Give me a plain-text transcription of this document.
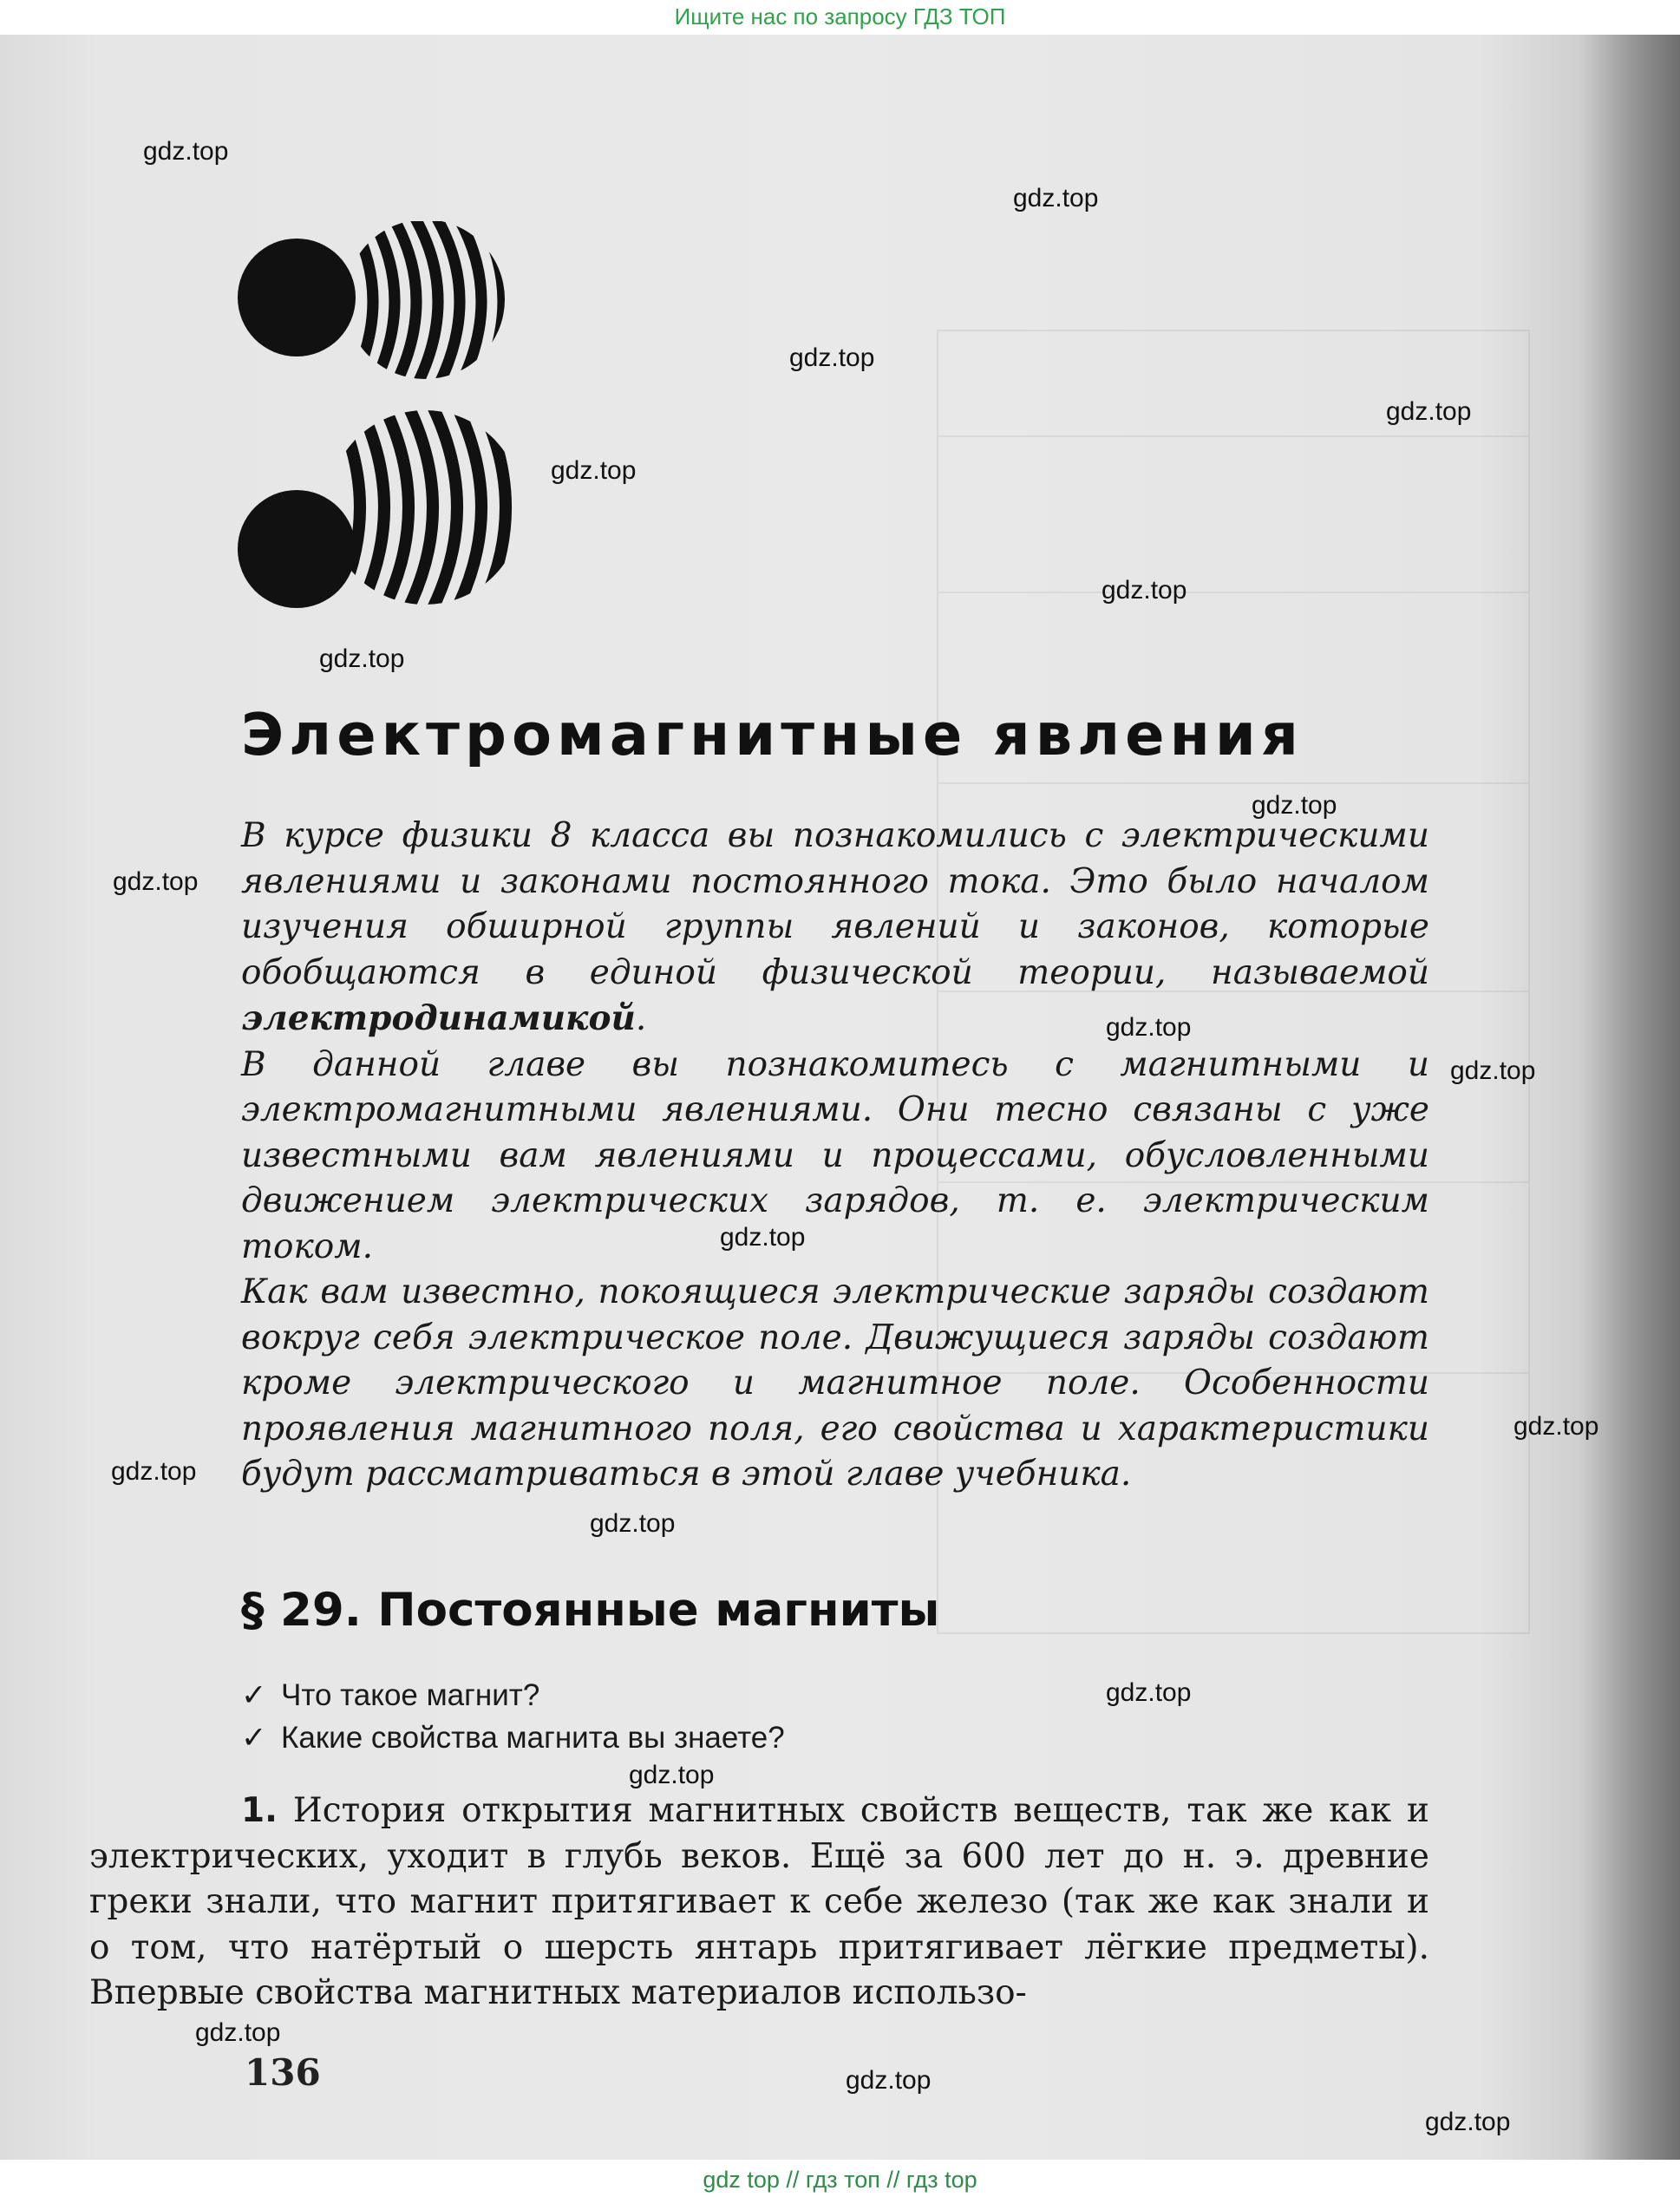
Ищите нас по запросу ГДЗ ТОП
Электромагнитные явления

В курсе физики 8 класса вы познакомились с электрическими явлениями и законами постоянного тока. Это было началом изучения обширной группы явлений и законов, которые обобщаются в единой физической теории, называемой электродинамикой.

В данной главе вы познакомитесь с магнитными и электромагнитными явлениями. Они тесно связаны с уже известными вам явлениями и процессами, обусловленными движением электрических зарядов, т. е. электрическим током.

Как вам известно, покоящиеся электрические заряды создают вокруг себя электрическое поле. Движущиеся заряды создают кроме электрического и магнитное поле. Особенности проявления магнитного поля, его свойства и характеристики будут рассматриваться в этой главе учебника.

§ 29. Постоянные магниты
✓ Что такое магнит?
✓ Какие свойства магнита вы знаете?

1. История открытия магнитных свойств веществ, так же как и электрических, уходит в глубь веков. Ещё за 600 лет до н. э. древние греки знали, что магнит притягивает к себе железо (так же как знали и о том, что натёртый о шерсть янтарь притягивает лёгкие предметы). Впервые свойства магнитных материалов использо-

136
gdz.top
gdz.top
gdz.top
gdz.top
gdz.top
gdz.top
gdz.top
gdz.top
gdz.top
gdz.top
gdz.top
gdz.top
gdz.top
gdz.top
gdz.top
gdz.top
gdz.top
gdz.top
gdz.top
gdz.top
gdz top // гдз топ // гдз top
